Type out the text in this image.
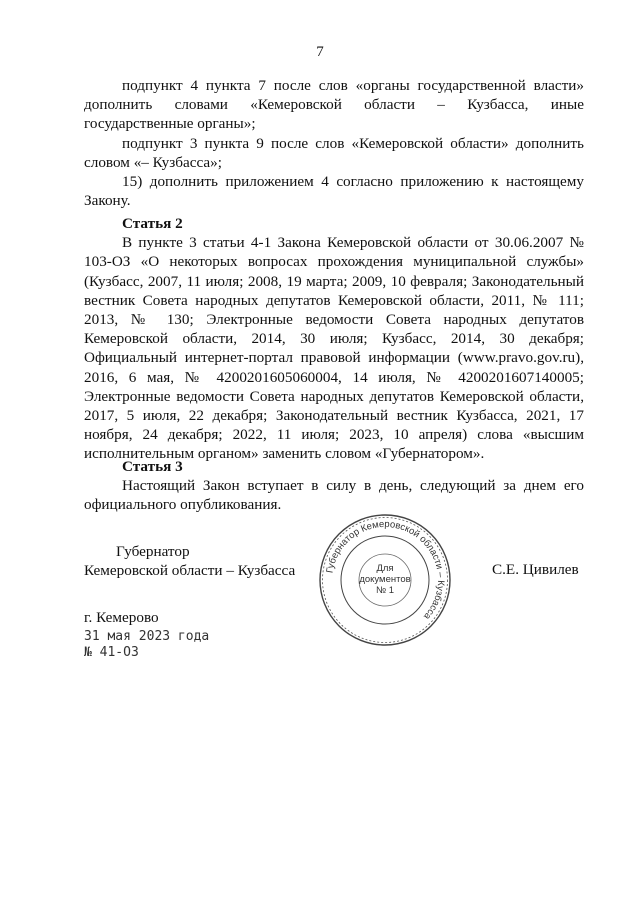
7

подпункт 4 пункта 7 после слов «органы государственной власти» дополнить словами «Кемеровской области – Кузбасса, иные государственные органы»;

подпункт 3 пункта 9 после слов «Кемеровской области» дополнить словом «– Кузбасса»;

15) дополнить приложением 4 согласно приложению к настоящему Закону.

Статья 2

В пункте 3 статьи 4-1 Закона Кемеровской области от 30.06.2007 № 103-ОЗ «О некоторых вопросах прохождения муниципальной службы» (Кузбасс, 2007, 11 июля; 2008, 19 марта; 2009, 10 февраля; Законодательный вестник Совета народных депутатов Кемеровской области, 2011, № 111; 2013, № 130; Электронные ведомости Совета народных депутатов Кемеровской области, 2014, 30 июля; Кузбасс, 2014, 30 декабря; Официальный интернет-портал правовой информации (www.pravo.gov.ru), 2016, 6 мая, № 4200201605060004, 14 июля, № 4200201607140005; Электронные ведомости Совета народных депутатов Кемеровской области, 2017, 5 июля, 22 декабря; Законодательный вестник Кузбасса, 2021, 17 ноября, 24 декабря; 2022, 11 июля; 2023, 10 апреля) слова «высшим исполнительным органом» заменить словом «Губернатором».

Статья 3

Настоящий Закон вступает в силу в день, следующий за днем его официального опубликования.

Губернатор
Кемеровской области – Кузбасса	Губернатор Кемеровской области – Кузбасса
Для
документов
№ 1
С.Е. Цивилев
г. Кемерово
31 мая 2023 года
№ 41-ОЗ
